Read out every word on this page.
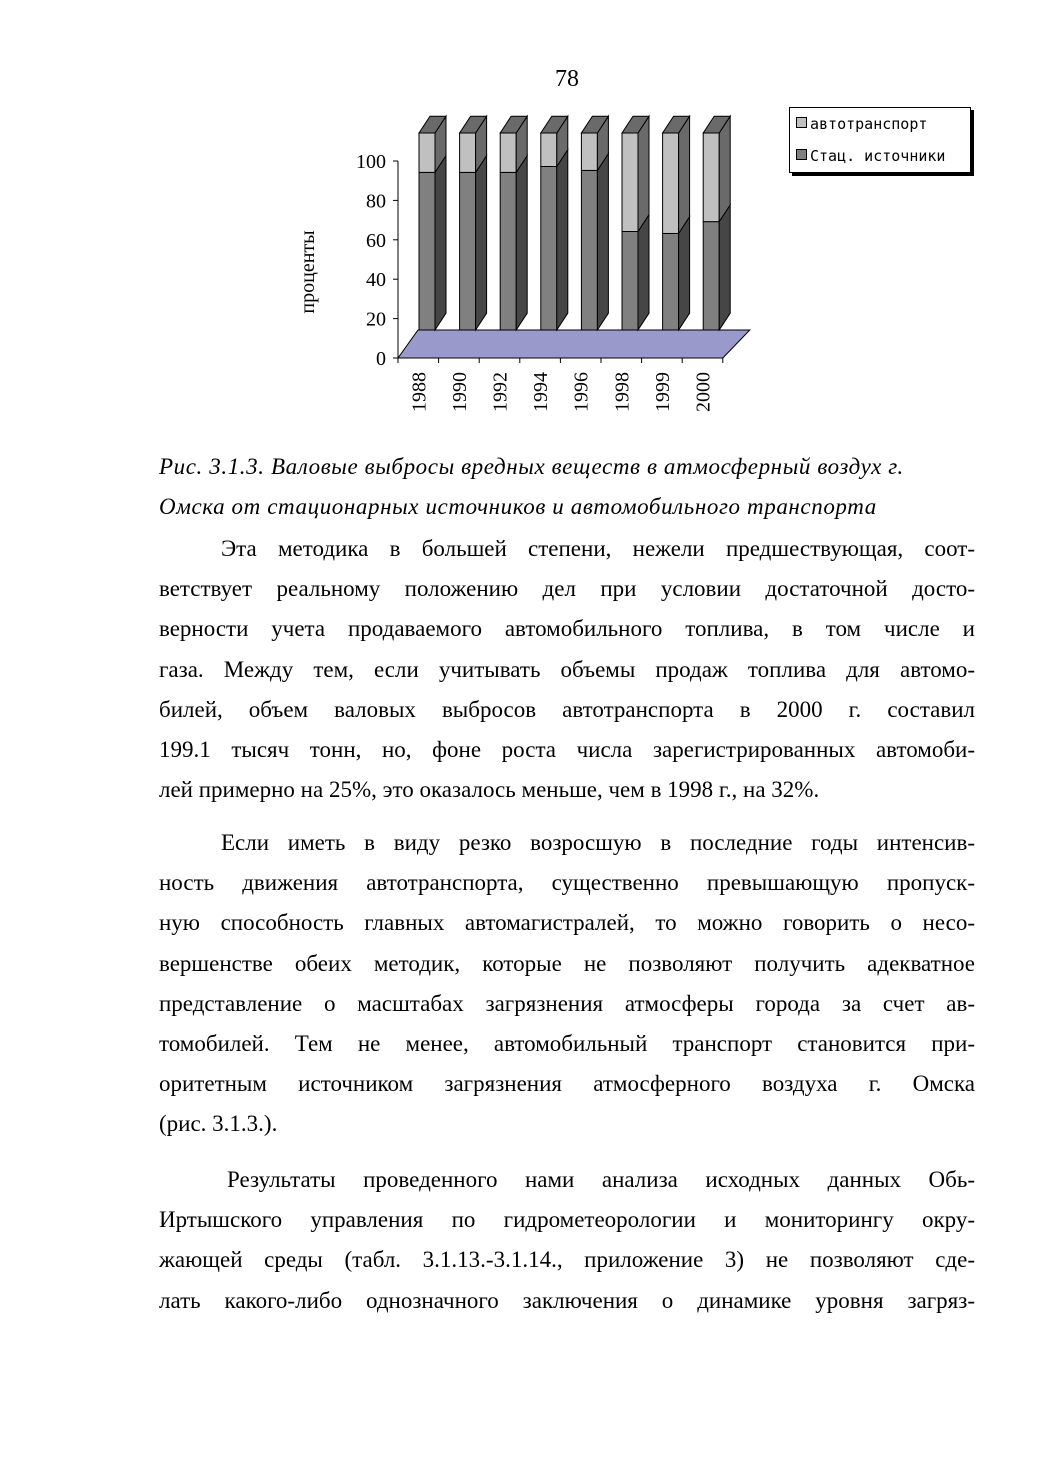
78
0
20
40
60
80
100
1988 1990 1992 1994 1996 1998 1999 2000
проценты
автотранспорт
Стац. источники
Рис. 3.1.3. Валовые выбросы вредных веществ в атмосферный воздух г.
Омска от стационарных источников и автомобильного транспорта
Эта методика в большей степени, нежели предшествующая, соот-
ветствует реальному положению дел при условии достаточной досто-
верности учета продаваемого автомобильного топлива, в том числе и
газа. Между тем, если учитывать объемы продаж топлива для автомо-
билей, объем валовых выбросов автотранспорта в 2000 г. составил
199.1 тысяч тонн, но, фоне роста числа зарегистрированных автомоби-
лей примерно на 25%, это оказалось меньше, чем в 1998 г., на 32%.
Если иметь в виду резко возросшую в последние годы интенсив-
ность движения автотранспорта, существенно превышающую пропуск-
ную способность главных автомагистралей, то можно говорить о несо-
вершенстве обеих методик, которые не позволяют получить адекватное
представление о масштабах загрязнения атмосферы города за счет ав-
томобилей. Тем не менее, автомобильный транспорт становится при-
оритетным источником загрязнения атмосферного воздуха г. Омска
(рис. 3.1.3.).
Результаты проведенного нами анализа исходных данных Обь-
Иртышского управления по гидрометеорологии и мониторингу окру-
жающей среды (табл. 3.1.13.-3.1.14., приложение 3) не позволяют сде-
лать какого-либо однозначного заключения о динамике уровня загряз-
